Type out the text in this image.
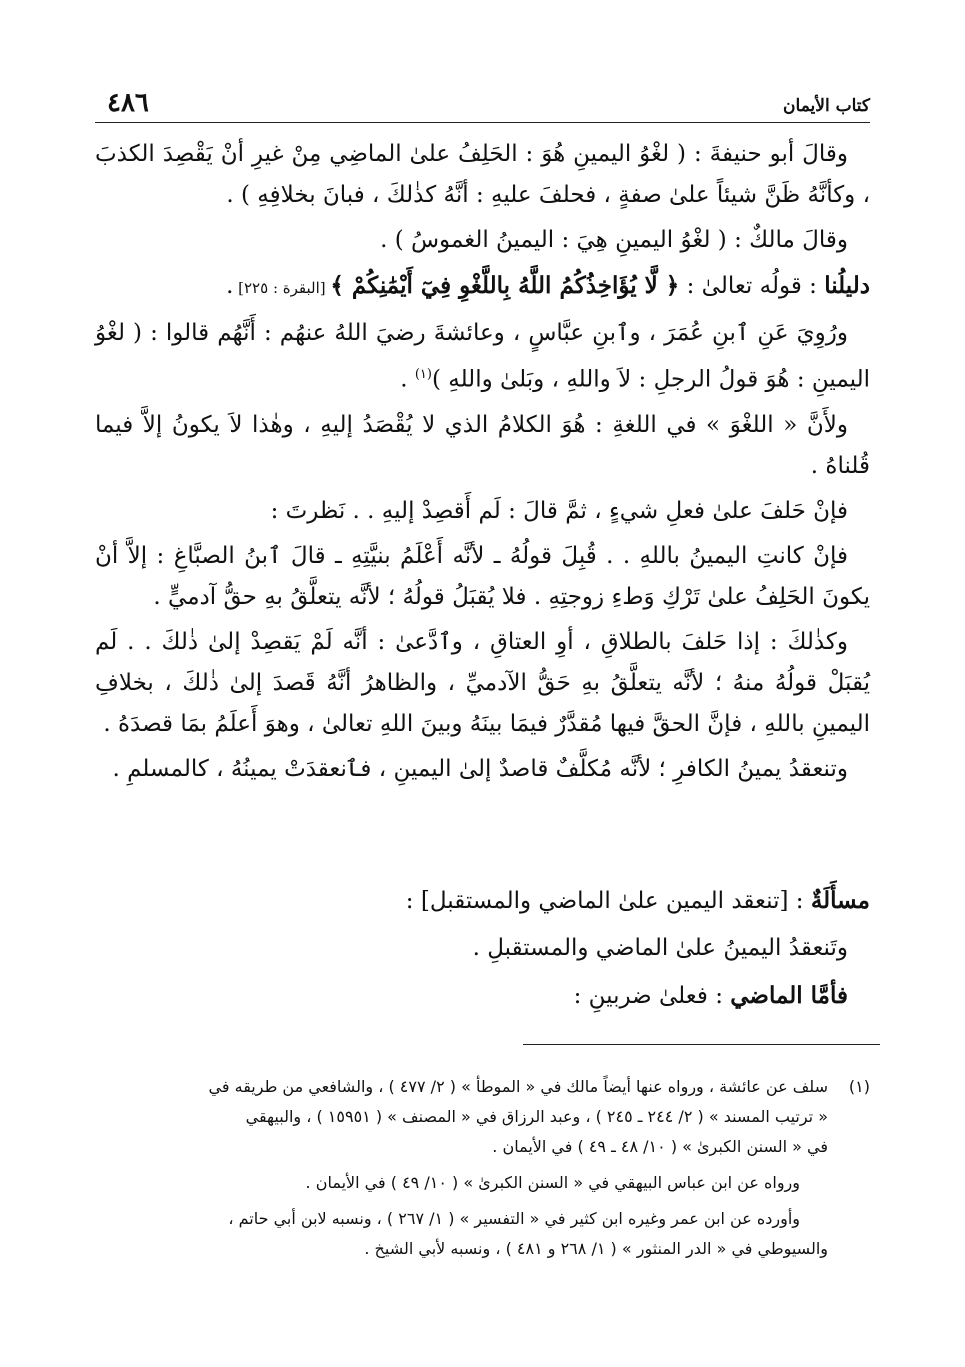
كتاب الأيمان
٤٨٦

وقالَ أبو حنيفةَ : ( لغْوُ اليمينِ هُوَ : الحَلِفُ علىٰ الماضِي مِنْ غيرِ أنْ يَقْصِدَ الكذبَ ، وكأنَّهُ ظَنَّ شيئاً علىٰ صفةٍ ، فحلفَ عليهِ : أنَّهُ كذٰلكَ ، فبانَ بخلافِهِ ) .

وقالَ مالكٌ : ( لغْوُ اليمينِ هِيَ : اليمينُ الغموسُ ) .

دليلُنا : قولُه تعالىٰ : ﴿ لَّا يُؤَاخِذُكُمُ اللَّهُ بِاللَّغْوِ فِيٓ أَيْمَٰنِكُمْ ﴾ [البقرة : ٢٢٥] .

ورُوِيَ عَنِ ٱبنِ عُمَرَ ، وٱبنِ عبَّاسٍ ، وعائشةَ رضيَ اللهُ عنهُم : أَنَّهُم قالوا : ( لغْوُ اليمينِ : هُوَ قولُ الرجلِ : لاَ واللهِ ، وبَلىٰ واللهِ )$^{(١)}$ .

ولأَنَّ « اللغْوَ » في اللغةِ : هُوَ الكلامُ الذي لا يُقْصَدُ إليهِ ، وهٰذا لاَ يكونُ إلاَّ فيما قُلناهُ .

فإنْ حَلفَ علىٰ فعلِ شيءٍ ، ثمَّ قالَ : لَم أَقصِدْ إليهِ . . نَظرتَ :

فإنْ كانتِ اليمينُ باللهِ . . قُبِلَ قولُهُ ـ لأنَّه أَعْلَمُ بنيَّتِهِ ـ قالَ ٱبنُ الصبَّاغِ : إلاَّ أنْ يكونَ الحَلِفُ علىٰ تَرْكِ وَطءِ زوجتِهِ . فلا يُقبَلُ قولُهُ ؛ لأنَّه يتعلَّقُ بهِ حقُّ آدميٍّ .

وكذٰلكَ : إذا حَلفَ بالطلاقِ ، أوِ العتاقِ ، وٱدَّعىٰ : أنَّه لَمْ يَقصِدْ إلىٰ ذٰلكَ . . لَم يُقبَلْ قولُهُ منهُ ؛ لأنَّه يتعلَّقُ بهِ حَقُّ الآدميِّ ، والظاهرُ أنَّهُ قَصدَ إلىٰ ذٰلكَ ، بخلافِ اليمينِ باللهِ ، فإنَّ الحقَّ فيها مُقدَّرٌ فيمَا بينَهُ وبينَ اللهِ تعالىٰ ، وهوَ أَعلَمُ بمَا قصدَهُ .

وتنعقدُ يمينُ الكافرِ ؛ لأنَّه مُكلَّفٌ قاصدٌ إلىٰ اليمينِ ، فٱنعقدَتْ يمينُهُ ، كالمسلمِ .

مسأَلَةٌ : [تنعقد اليمين علىٰ الماضي والمستقبل] :

وتَنعقدُ اليمينُ علىٰ الماضي والمستقبلِ .

فأمَّا الماضي : فعلىٰ ضربينِ :

(١)سلف عن عائشة ، ورواه عنها أيضاً مالك في « الموطأ » ( ٢/ ٤٧٧ ) ، والشافعي من طريقه في

« ترتيب المسند » ( ٢/ ٢٤٤ ـ ٢٤٥ ) ، وعبد الرزاق في « المصنف » ( ١٥٩٥١ ) ، والبيهقي

في « السنن الكبرىٰ » ( ١٠/ ٤٨ ـ ٤٩ ) في الأيمان .

ورواه عن ابن عباس البيهقي في « السنن الكبرىٰ » ( ١٠/ ٤٩ ) في الأيمان .

وأورده عن ابن عمر وغيره ابن كثير في « التفسير » ( ١/ ٢٦٧ ) ، ونسبه لابن أبي حاتم ،

والسيوطي في « الدر المنثور » ( ١/ ٢٦٨ و ٤٨١ ) ، ونسبه لأبي الشيخ .
